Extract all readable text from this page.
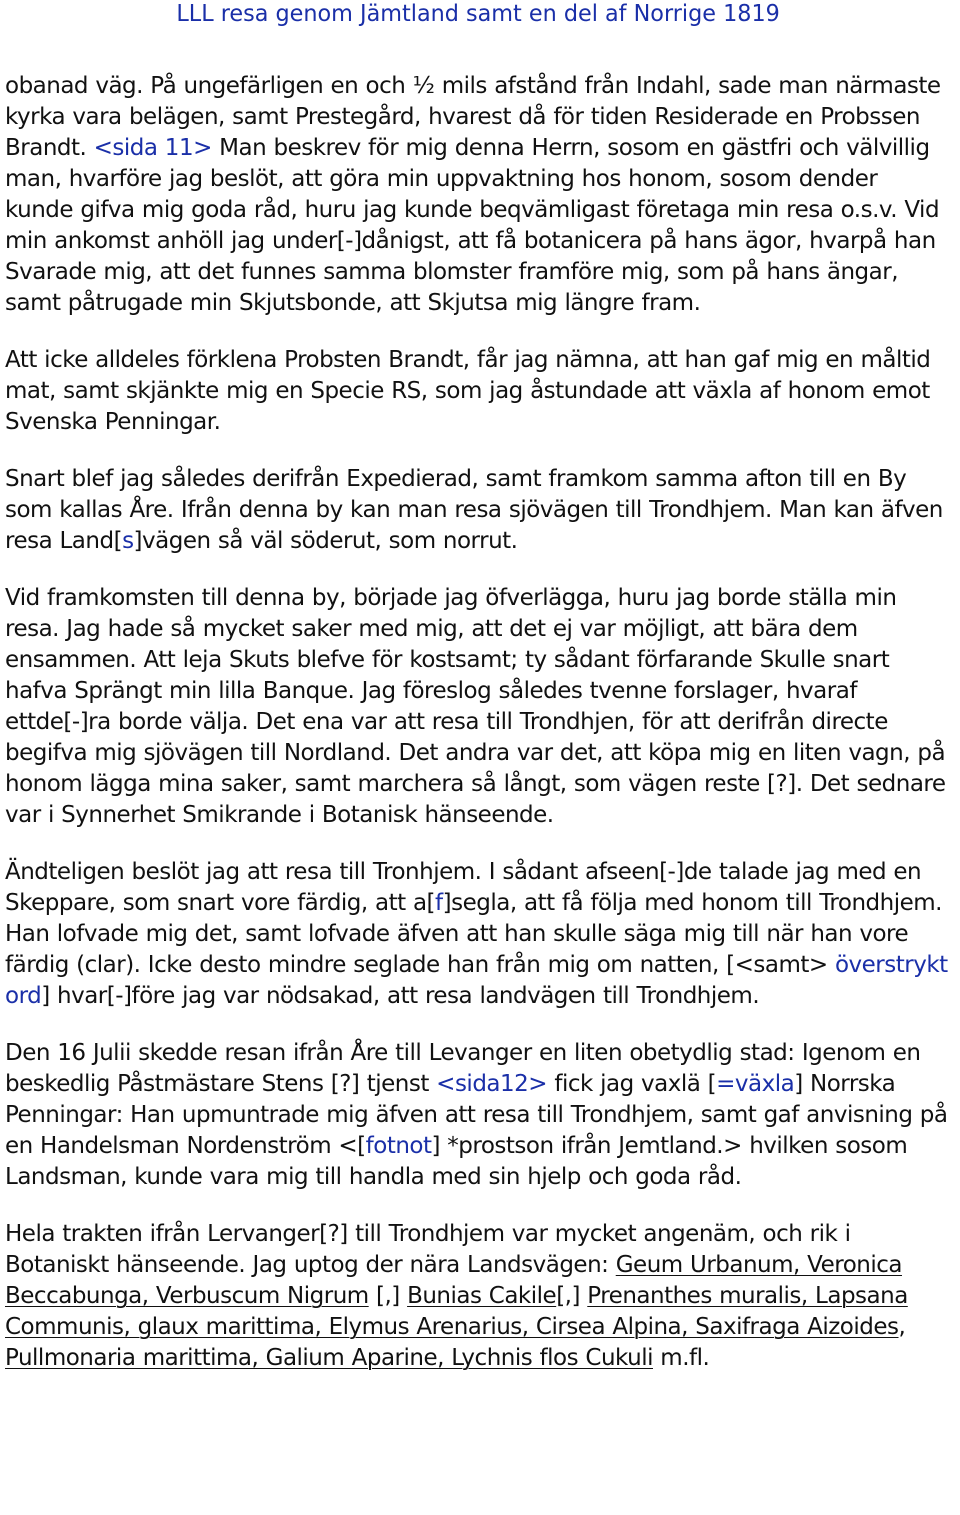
LLL resa genom Jämtland samt en del af Norrige 1819

obanad väg. På ungefärligen en och ½ mils afstånd från Indahl, sade man närmaste kyrka vara belägen, samt Prestegård, hvarest då för tiden Residerade en Probssen Brandt. <sida 11> Man beskrev för mig denna Herrn, sosom en gästfri och välvillig man, hvarföre jag beslöt, att göra min uppvaktning hos honom, sosom dender kunde gifva mig goda råd, huru jag kunde beqvämligast företaga min resa o.s.v. Vid min ankomst anhöll jag under[-]dånigst, att få botanicera på hans ägor, hvarpå han Svarade mig, att det funnes samma blomster framföre mig, som på hans ängar, samt påtrugade min Skjutsbonde, att Skjutsa mig längre fram.

Att icke alldeles förklena Probsten Brandt, får jag nämna, att han gaf mig en måltid mat, samt skjänkte mig en Specie RS, som jag åstundade att växla af honom emot Svenska Penningar.

Snart blef jag således derifrån Expedierad, samt framkom samma afton till en By som kallas Åre. Ifrån denna by kan man resa sjövägen till Trondhjem. Man kan äfven resa Land[s]vägen så väl söderut, som norrut.

Vid framkomsten till denna by, började jag öfverlägga, huru jag borde ställa min resa. Jag hade så mycket saker med mig, att det ej var möjligt, att bära dem ensammen. Att leja Skuts blefve för kostsamt; ty sådant förfarande Skulle snart hafva Sprängt min lilla Banque. Jag föreslog således tvenne forslager, hvaraf ettde[-]ra borde välja. Det ena var att resa till Trondhjen, för att derifrån directe begifva mig sjövägen till Nordland. Det andra var det, att köpa mig en liten vagn, på honom lägga mina saker, samt marchera så långt, som vägen reste [?]. Det sednare var i Synnerhet Smikrande i Botanisk hänseende.

Ändteligen beslöt jag att resa till Tronhjem. I sådant afseen[-]de talade jag med en Skeppare, som snart vore färdig, att a[f]segla, att få följa med honom till Trondhjem. Han lofvade mig det, samt lofvade äfven att han skulle säga mig till när han vore färdig (clar). Icke desto mindre seglade han från mig om natten, [<samt> överstrykt ord] hvar[-]före jag var nödsakad, att resa landvägen till Trondhjem.

Den 16 Julii skedde resan ifrån Åre till Levanger en liten obetydlig stad: Igenom en beskedlig Påstmästare Stens [?] tjenst <sida12> fick jag vaxlä [=växla] Norrska Penningar: Han upmuntrade mig äfven att resa till Trondhjem, samt gaf anvisning på en Handelsman Nordenström <[fotnot] *prostson ifrån Jemtland.> hvilken sosom Landsman, kunde vara mig till handla med sin hjelp och goda råd.

Hela trakten ifrån Lervanger[?] till Trondhjem var mycket angenäm, och rik i Botaniskt hänseende. Jag uptog der nära Landsvägen: Geum Urbanum, Veronica Beccabunga, Verbuscum Nigrum [,] Bunias Cakile[,] Prenanthes muralis, Lapsana Communis, glaux marittima, Elymus Arenarius, Cirsea Alpina, Saxifraga Aizoides, Pullmonaria marittima, Galium Aparine, Lychnis flos Cukuli m.fl.
